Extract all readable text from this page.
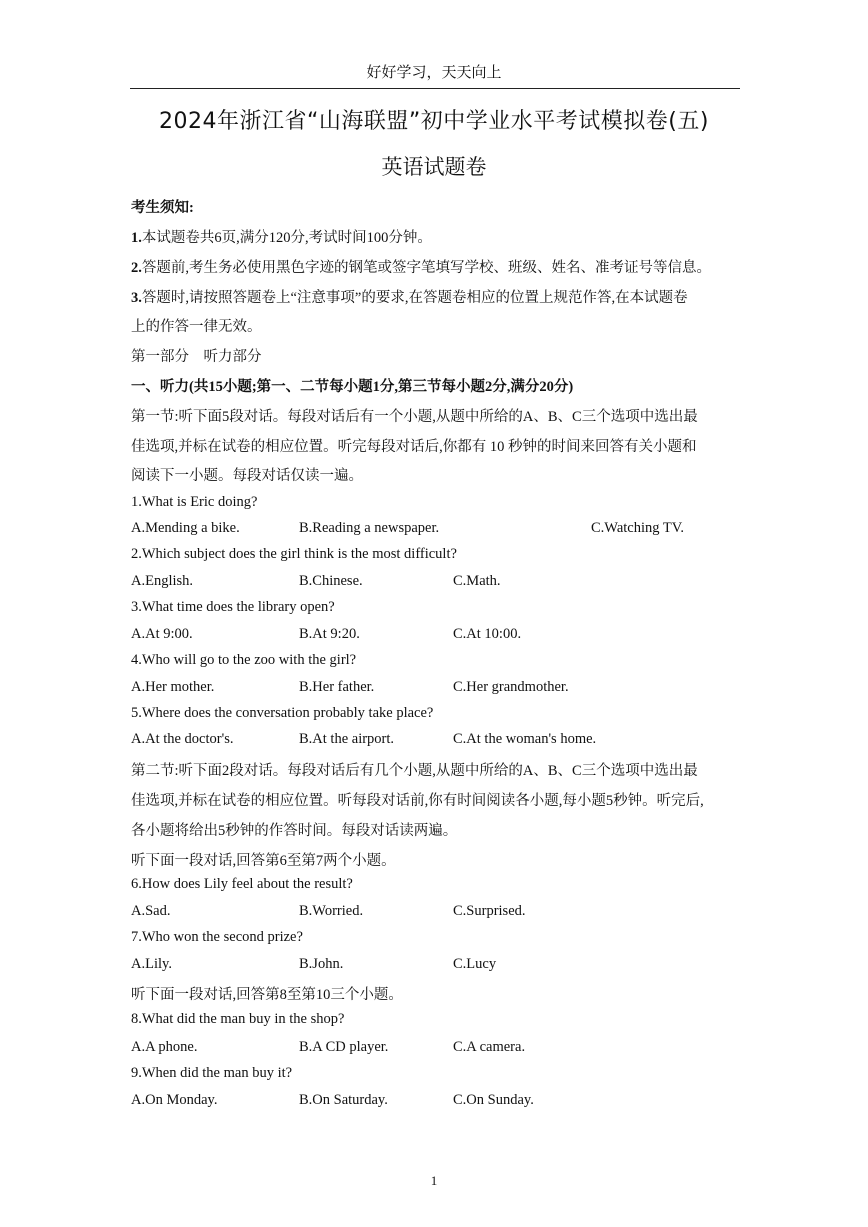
好好学习，天天向上
2024年浙江省“山海联盟”初中学业水平考试模拟卷(五)
英语试题卷
考生须知:
1.本试题卷共6页,满分120分,考试时间100分钟。
2.答题前,考生务必使用黑色字迹的钢笔或签字笔填写学校、班级、姓名、准考证号等信息。
3.答题时,请按照答题卷上“注意事项”的要求,在答题卷相应的位置上规范作答,在本试题卷
上的作答一律无效。
第一部分　听力部分
一、听力(共15小题;第一、二节每小题1分,第三节每小题2分,满分20分)
第一节:听下面5段对话。每段对话后有一个小题,从题中所给的A、B、C三个选项中选出最
佳选项,并标在试卷的相应位置。听完每段对话后,你都有 10 秒钟的时间来回答有关小题和
阅读下一小题。每段对话仅读一遍。
1.What is Eric doing?
A.Mending a bike.	B.Reading a newspaper.	C.Watching TV.
2.Which subject does the girl think is the most difficult?
A.English.	B.Chinese.	C.Math.
3.What time does the library open?
A.At 9:00.	B.At 9:20.	C.At 10:00.
4.Who will go to the zoo with the girl?
A.Her mother.	B.Her father.	C.Her grandmother.
5.Where does the conversation probably take place?
A.At the doctor's.	B.At the airport.	C.At the woman's home.
第二节:听下面2段对话。每段对话后有几个小题,从题中所给的A、B、C三个选项中选出最
佳选项,并标在试卷的相应位置。听每段对话前,你有时间阅读各小题,每小题5秒钟。听完后,
各小题将给出5秒钟的作答时间。每段对话读两遍。
听下面一段对话,回答第6至第7两个小题。
6.How does Lily feel about the result?
A.Sad.	B.Worried.	C.Surprised.
7.Who won the second prize?
A.Lily.	B.John.	C.Lucy
听下面一段对话,回答第8至第10三个小题。
8.What did the man buy in the shop?
A.A phone.	B.A CD player.	C.A camera.
9.When did the man buy it?
A.On Monday.	B.On Saturday.	C.On Sunday.
1
